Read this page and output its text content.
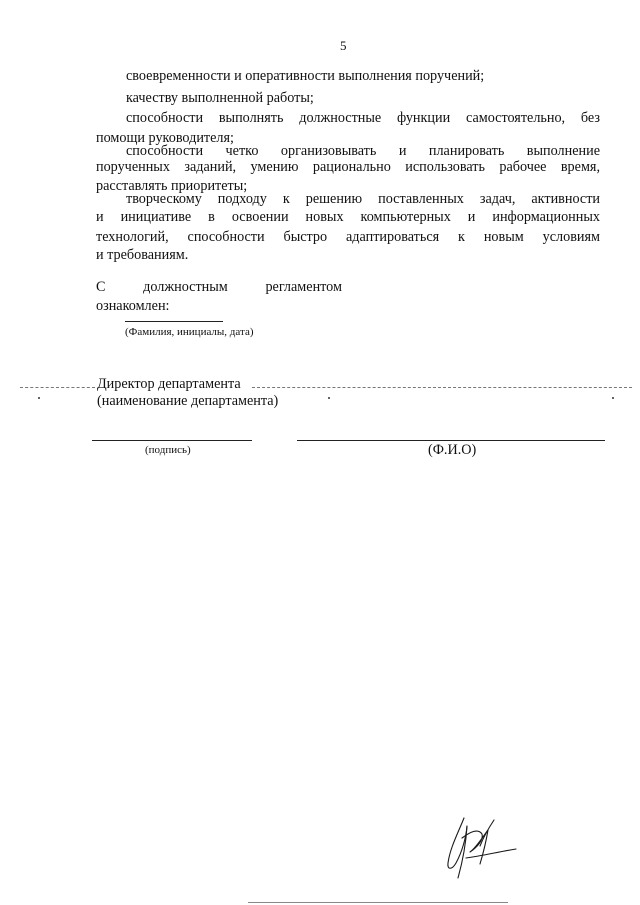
5
своевременности и оперативности выполнения поручений;
качеству выполненной работы;
способности выполнять должностные функции самостоятельно, без
помощи руководителя;
способности четко организовывать и планировать выполнение
порученных заданий, умению рационально использовать рабочее время,
расставлять приоритеты;
творческому подходу к решению поставленных задач, активности
и инициативе в освоении новых компьютерных и информационных
технологий, способности быстро адаптироваться к новым условиям
и требованиям.
С должностным регламентом
ознакомлен:
(Фамилия, инициалы, дата)
Директор департамента
(наименование департамента)
(подпись)	(Ф.И.О)
